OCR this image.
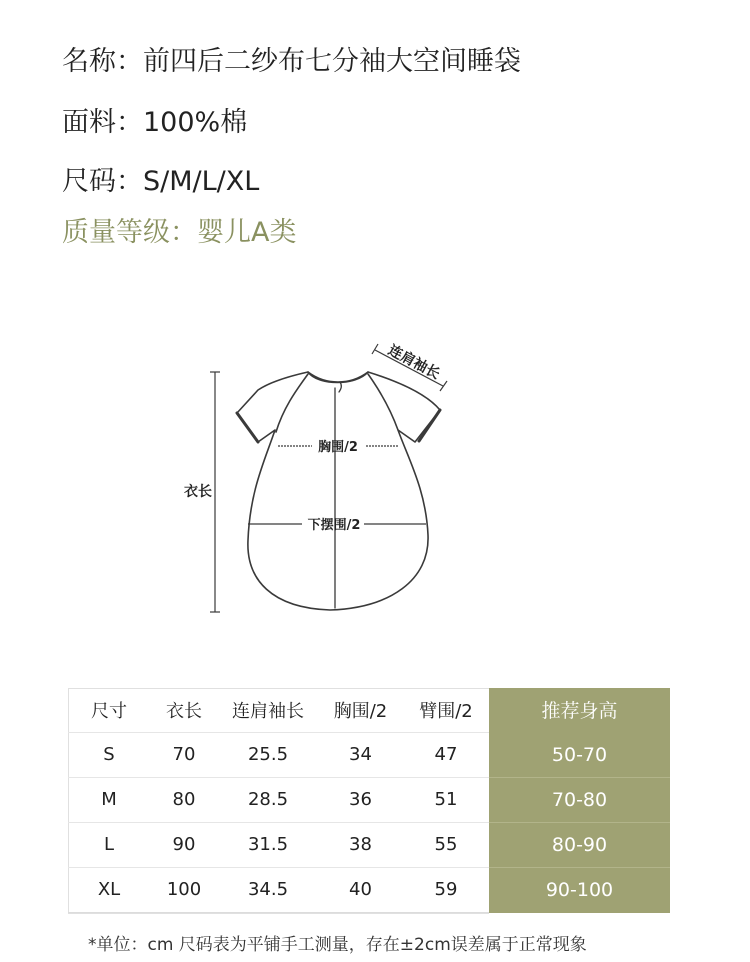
名称：前四后二纱布七分袖大空间睡袋
面料：100%棉
尺码：S/M/L/XL
质量等级：婴儿A类
衣长
胸围/2
下摆围/2
连肩袖长
尺寸	衣长	连肩袖长	胸围/2	臂围/2	推荐身高
S	70	25.5	34	47	50-70
M	80	28.5	36	51	70-80
L	90	31.5	38	55	80-90
XL	100	34.5	40	59	90-100
*单位：cm 尺码表为平铺手工测量，存在±2cm误差属于正常现象
